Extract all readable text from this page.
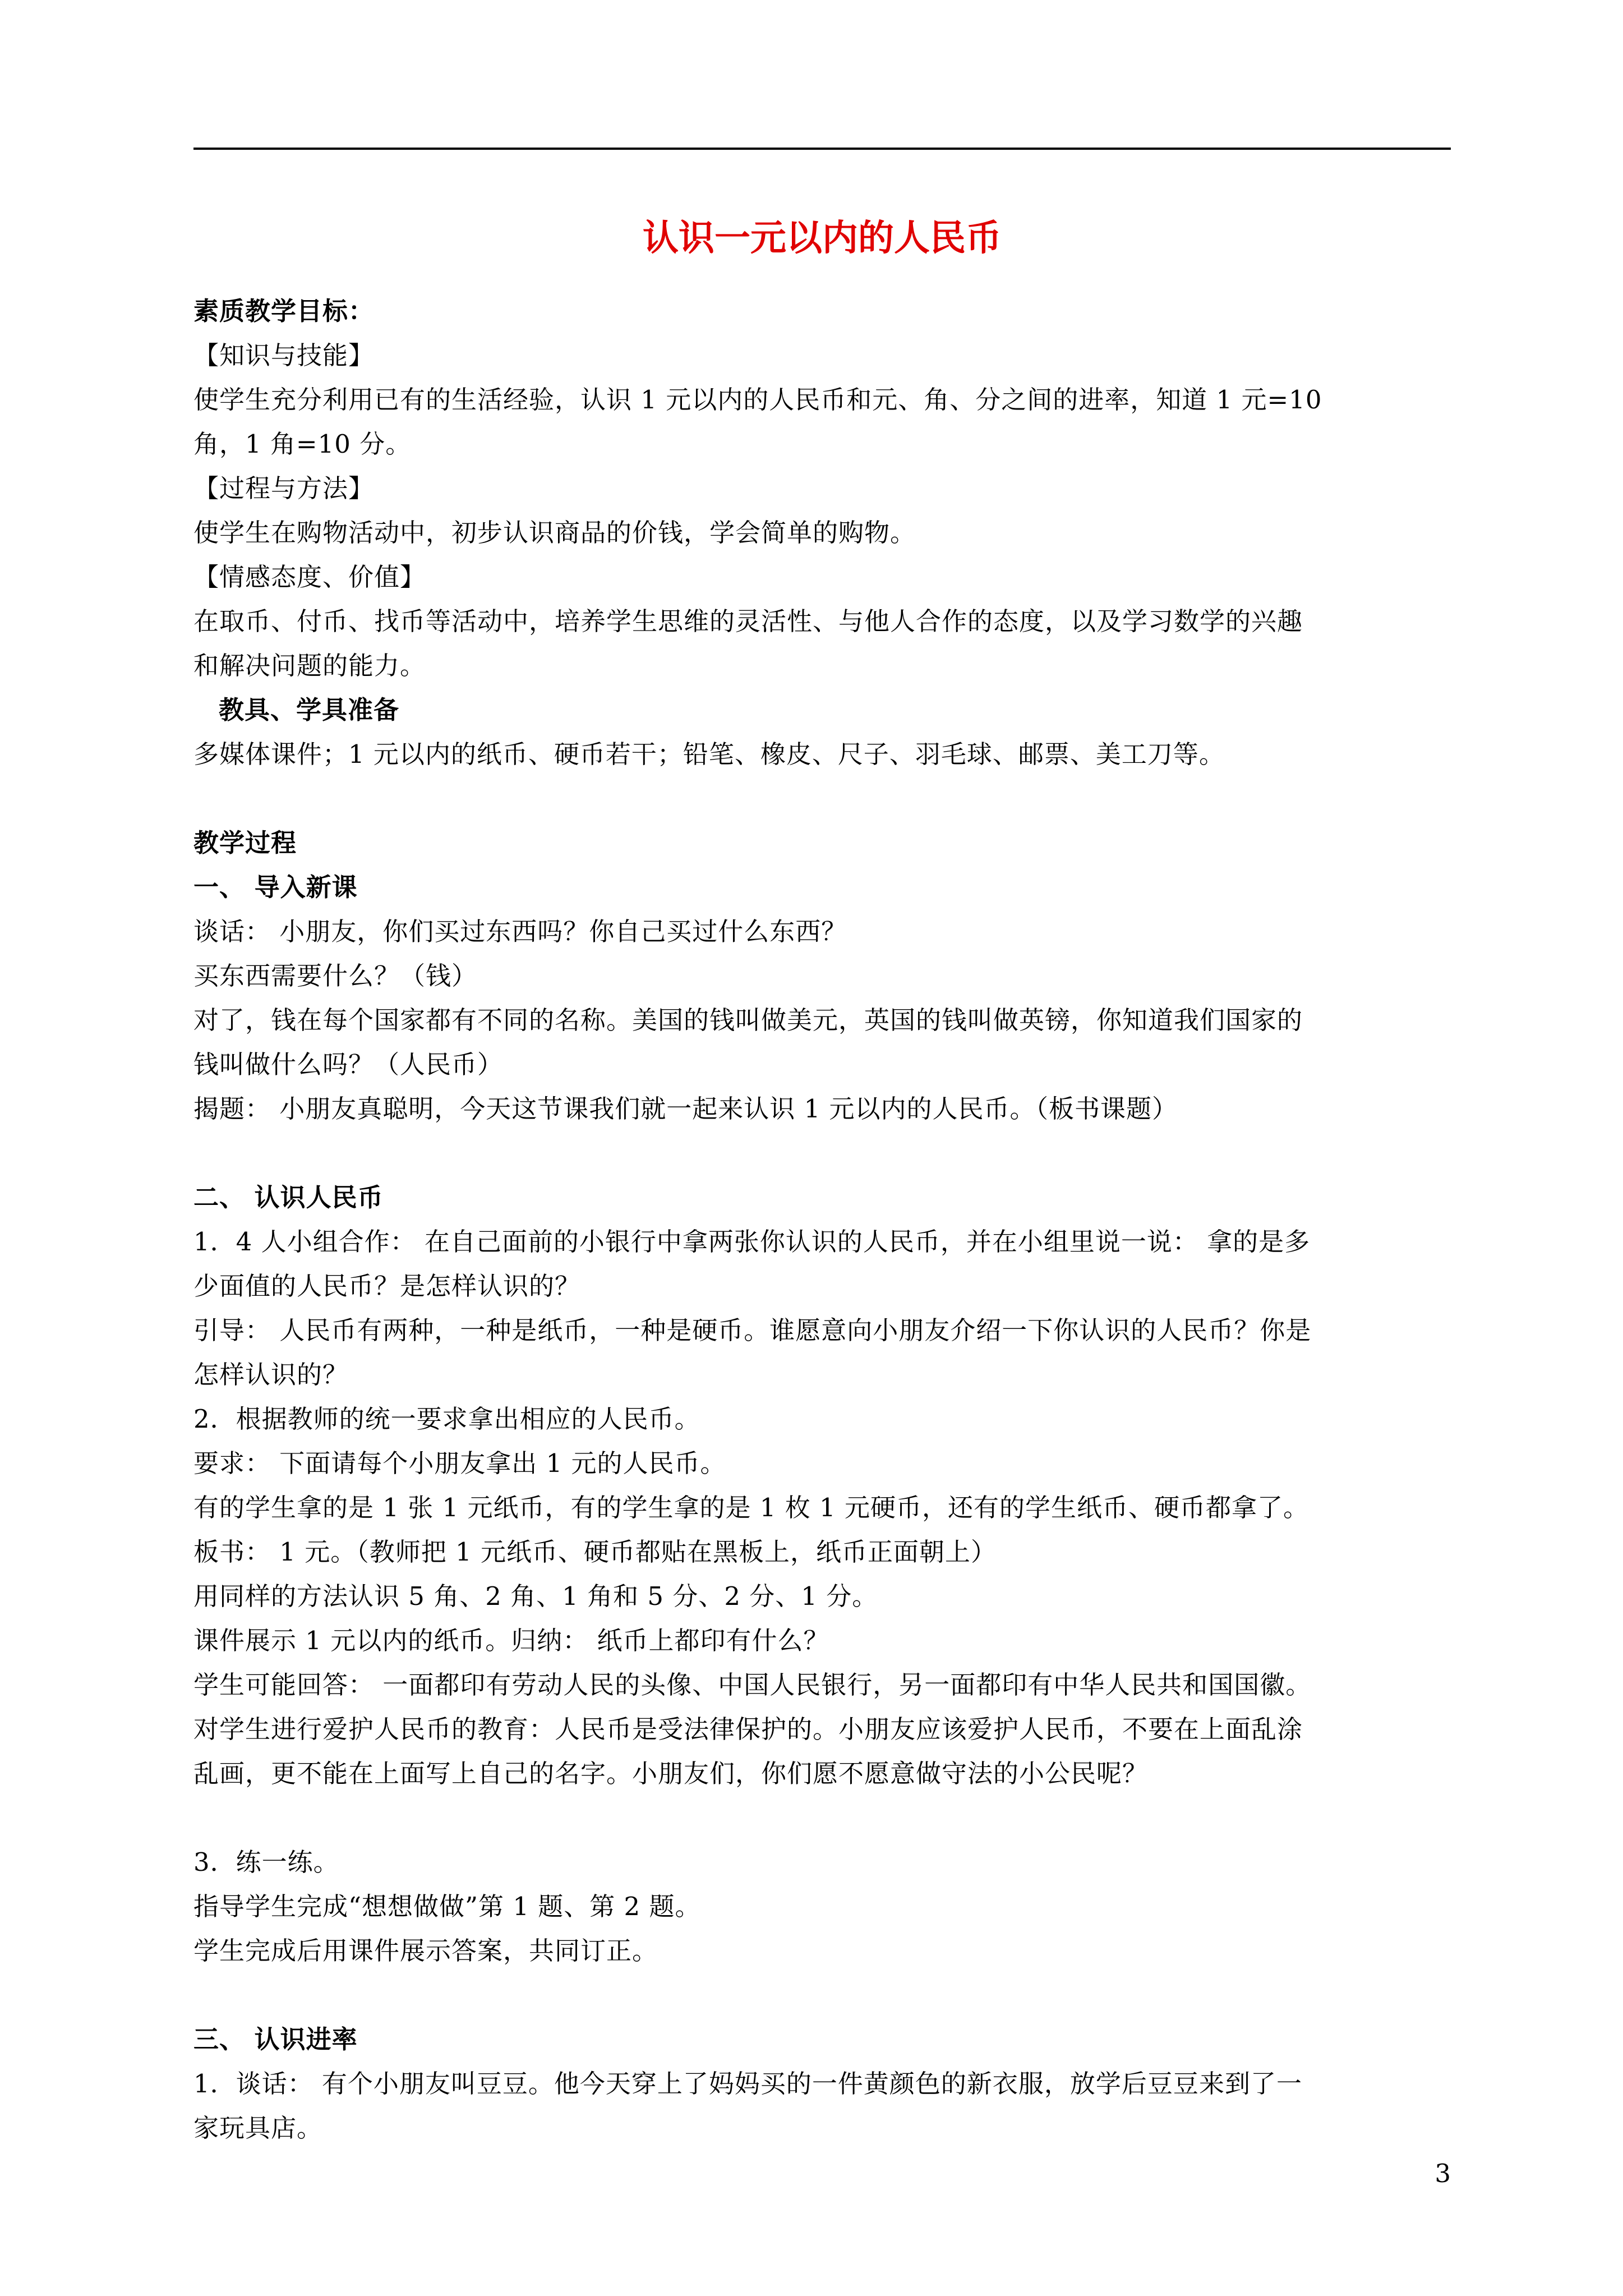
认识一元以内的人民币

素质教学目标：

【知识与技能】

使学生充分利用已有的生活经验，认识 1 元以内的人民币和元、角、分之间的进率，知道 1 元=10

角，1 角=10 分。

【过程与方法】

使学生在购物活动中，初步认识商品的价钱，学会简单的购物。

【情感态度、价值】

在取币、付币、找币等活动中，培养学生思维的灵活性、与他人合作的态度，以及学习数学的兴趣

和解决问题的能力。

教具、学具准备

多媒体课件；1 元以内的纸币、硬币若干；铅笔、橡皮、尺子、羽毛球、邮票、美工刀等。

教学过程

一、 导入新课

谈话： 小朋友，你们买过东西吗？你自己买过什么东西？

买东西需要什么？（钱）

对了，钱在每个国家都有不同的名称。美国的钱叫做美元，英国的钱叫做英镑，你知道我们国家的

钱叫做什么吗？（人民币）

揭题： 小朋友真聪明，今天这节课我们就一起来认识 1 元以内的人民币。（板书课题）

二、 认识人民币

1．4 人小组合作： 在自己面前的小银行中拿两张你认识的人民币，并在小组里说一说： 拿的是多

少面值的人民币？是怎样认识的？

引导： 人民币有两种，一种是纸币，一种是硬币。谁愿意向小朋友介绍一下你认识的人民币？你是

怎样认识的？

2．根据教师的统一要求拿出相应的人民币。

要求： 下面请每个小朋友拿出 1 元的人民币。

有的学生拿的是 1 张 1 元纸币，有的学生拿的是 1 枚 1 元硬币，还有的学生纸币、硬币都拿了。

板书： 1 元。（教师把 1 元纸币、硬币都贴在黑板上，纸币正面朝上）

用同样的方法认识 5 角、2 角、1 角和 5 分、2 分、1 分。

课件展示 1 元以内的纸币。归纳： 纸币上都印有什么？

学生可能回答： 一面都印有劳动人民的头像、中国人民银行，另一面都印有中华人民共和国国徽。

对学生进行爱护人民币的教育：人民币是受法律保护的。小朋友应该爱护人民币，不要在上面乱涂

乱画，更不能在上面写上自己的名字。小朋友们，你们愿不愿意做守法的小公民呢？

3．练一练。

指导学生完成“想想做做”第 1 题、第 2 题。

学生完成后用课件展示答案，共同订正。

三、 认识进率

1．谈话： 有个小朋友叫豆豆。他今天穿上了妈妈买的一件黄颜色的新衣服，放学后豆豆来到了一

家玩具店。

3
